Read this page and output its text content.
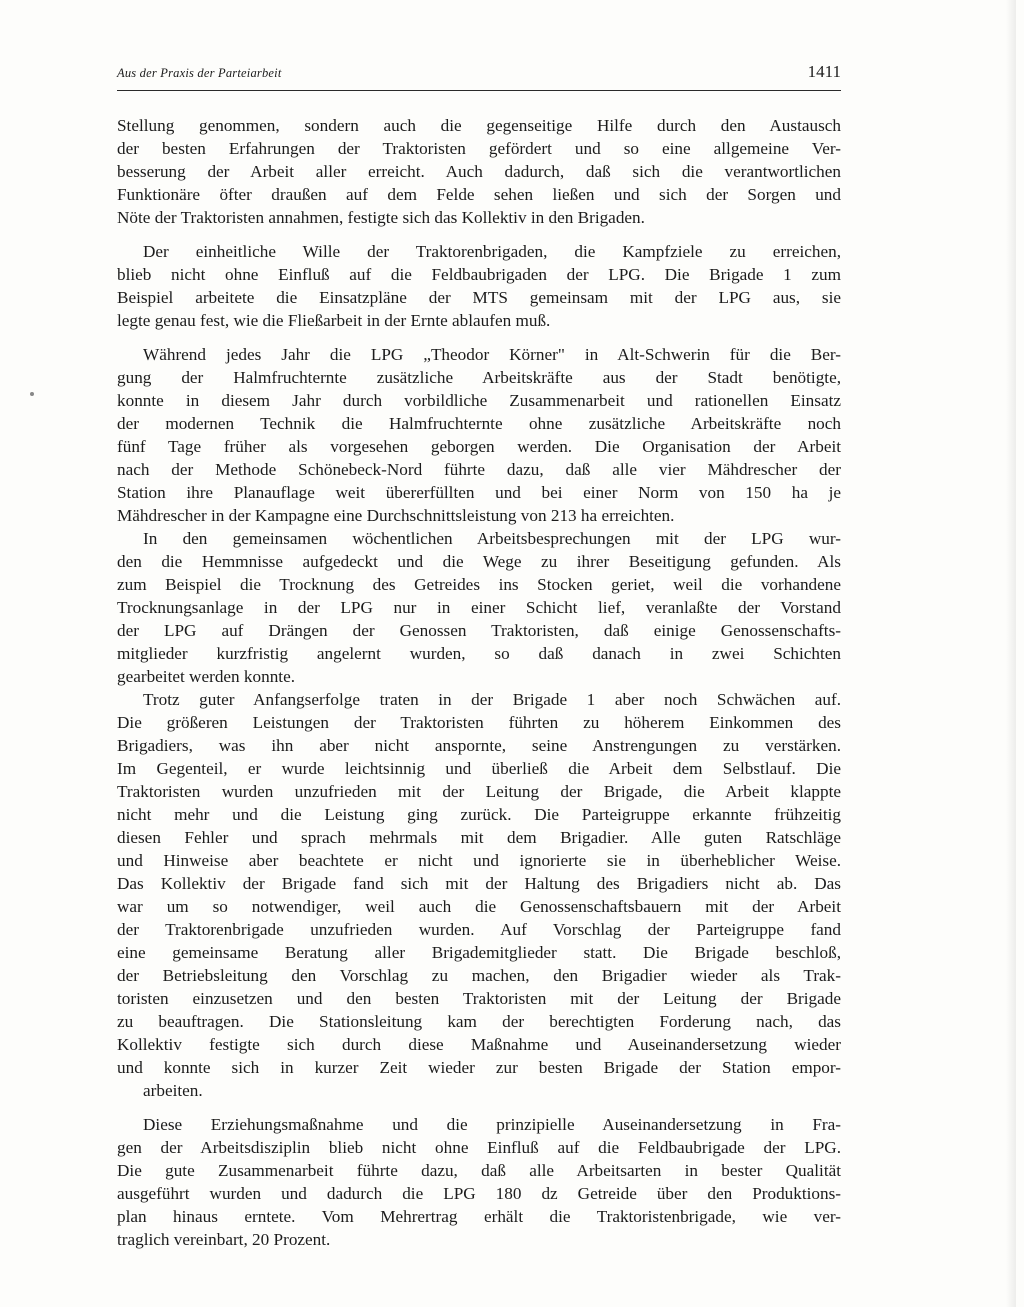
Aus der Praxis der Parteiarbeit	1411

Stellung genommen, sondern auch die gegenseitige Hilfe durch den Austausch
der besten Erfahrungen der Traktoristen gefördert und so eine allgemeine Ver-
besserung der Arbeit aller erreicht. Auch dadurch, daß sich die verantwortlichen
Funktionäre öfter draußen auf dem Felde sehen ließen und sich der Sorgen und
Nöte der Traktoristen annahmen, festigte sich das Kollektiv in den Brigaden.

Der einheitliche Wille der Traktorenbrigaden, die Kampfziele zu erreichen,
blieb nicht ohne Einfluß auf die Feldbaubrigaden der LPG. Die Brigade 1 zum
Beispiel arbeitete die Einsatzpläne der MTS gemeinsam mit der LPG aus, sie
legte genau fest, wie die Fließarbeit in der Ernte ablaufen muß.

Während jedes Jahr die LPG „Theodor Körner" in Alt-Schwerin für die Ber-
gung der Halmfruchternte zusätzliche Arbeitskräfte aus der Stadt benötigte,
konnte in diesem Jahr durch vorbildliche Zusammenarbeit und rationellen Einsatz
der modernen Technik die Halmfruchternte ohne zusätzliche Arbeitskräfte noch
fünf Tage früher als vorgesehen geborgen werden. Die Organisation der Arbeit
nach der Methode Schönebeck-Nord führte dazu, daß alle vier Mähdrescher der
Station ihre Planauflage weit übererfüllten und bei einer Norm von 150 ha je
Mähdrescher in der Kampagne eine Durchschnittsleistung von 213 ha erreichten.

In den gemeinsamen wöchentlichen Arbeitsbesprechungen mit der LPG wur-
den die Hemmnisse aufgedeckt und die Wege zu ihrer Beseitigung gefunden. Als
zum Beispiel die Trocknung des Getreides ins Stocken geriet, weil die vorhandene
Trocknungsanlage in der LPG nur in einer Schicht lief, veranlaßte der Vorstand
der LPG auf Drängen der Genossen Traktoristen, daß einige Genossenschafts-
mitglieder kurzfristig angelernt wurden, so daß danach in zwei Schichten
gearbeitet werden konnte.

Trotz guter Anfangserfolge traten in der Brigade 1 aber noch Schwächen auf.
Die größeren Leistungen der Traktoristen führten zu höherem Einkommen des
Brigadiers, was ihn aber nicht anspornte, seine Anstrengungen zu verstärken.
Im Gegenteil, er wurde leichtsinnig und überließ die Arbeit dem Selbstlauf. Die
Traktoristen wurden unzufrieden mit der Leitung der Brigade, die Arbeit klappte
nicht mehr und die Leistung ging zurück. Die Parteigruppe erkannte frühzeitig
diesen Fehler und sprach mehrmals mit dem Brigadier. Alle guten Ratschläge
und Hinweise aber beachtete er nicht und ignorierte sie in überheblicher Weise.
Das Kollektiv der Brigade fand sich mit der Haltung des Brigadiers nicht ab. Das
war um so notwendiger, weil auch die Genossenschaftsbauern mit der Arbeit
der Traktorenbrigade unzufrieden wurden. Auf Vorschlag der Parteigruppe fand
eine gemeinsame Beratung aller Brigademitglieder statt. Die Brigade beschloß,
der Betriebsleitung den Vorschlag zu machen, den Brigadier wieder als Trak-
toristen einzusetzen und den besten Traktoristen mit der Leitung der Brigade
zu beauftragen. Die Stationsleitung kam der berechtigten Forderung nach, das
Kollektiv festigte sich durch diese Maßnahme und Auseinandersetzung wieder
und konnte sich in kurzer Zeit wieder zur besten Brigade der Station empor-
arbeiten.

Diese Erziehungsmaßnahme und die prinzipielle Auseinandersetzung in Fra-
gen der Arbeitsdisziplin blieb nicht ohne Einfluß auf die Feldbaubrigade der LPG.
Die gute Zusammenarbeit führte dazu, daß alle Arbeitsarten in bester Qualität
ausgeführt wurden und dadurch die LPG 180 dz Getreide über den Produktions-
plan hinaus erntete. Vom Mehrertrag erhält die Traktoristenbrigade, wie ver-
traglich vereinbart, 20 Prozent.
